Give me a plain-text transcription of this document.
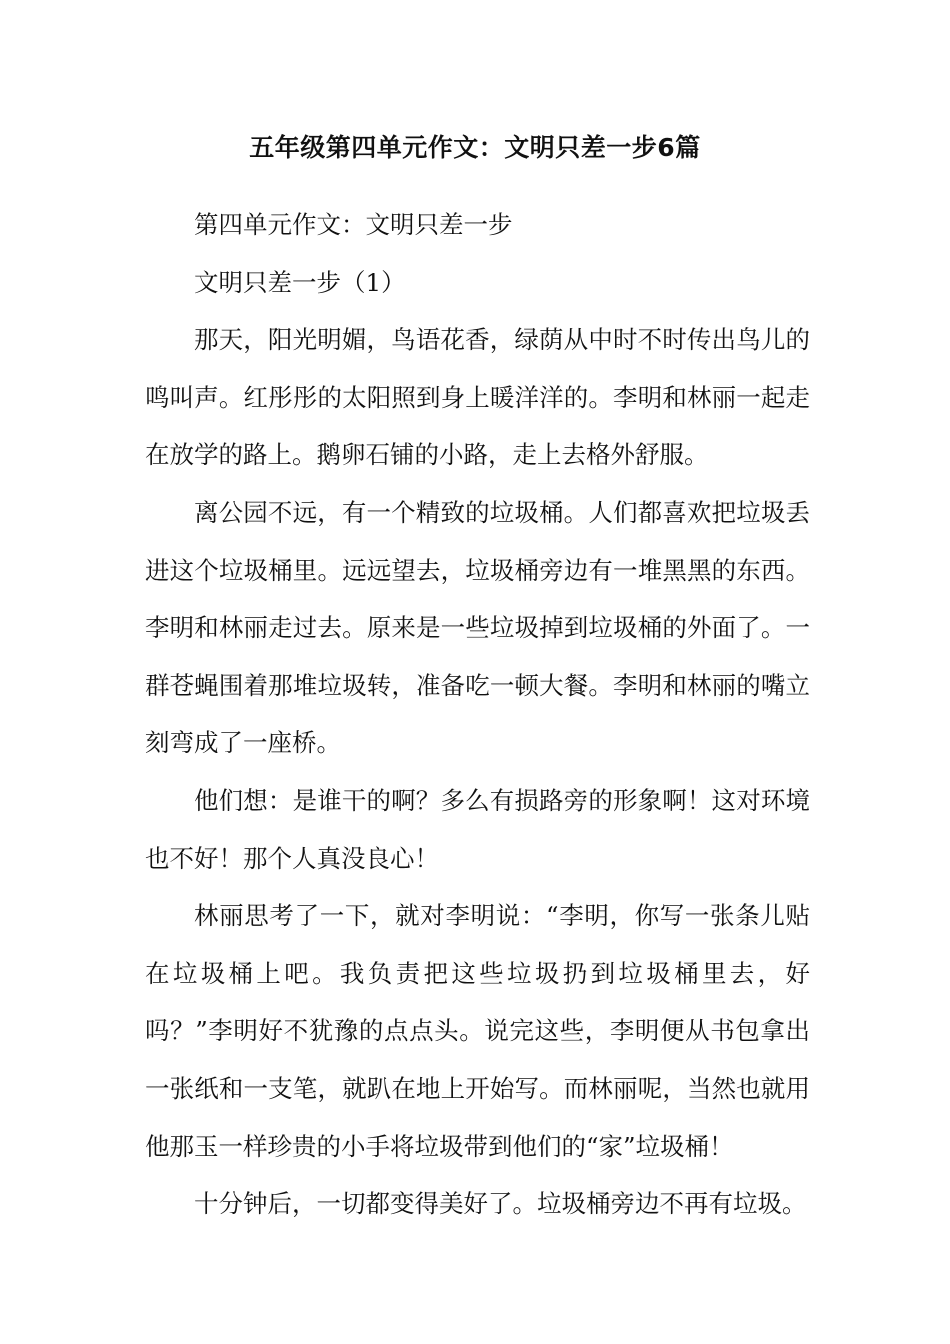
五年级第四单元作文：文明只差一步6篇

第四单元作文：文明只差一步

文明只差一步（1）

那天，阳光明媚，鸟语花香，绿荫从中时不时传出鸟儿的鸣叫声。红彤彤的太阳照到身上暖洋洋的。李明和林丽一起走在放学的路上。鹅卵石铺的小路，走上去格外舒服。

离公园不远，有一个精致的垃圾桶。人们都喜欢把垃圾丢进这个垃圾桶里。远远望去，垃圾桶旁边有一堆黑黑的东西。李明和林丽走过去。原来是一些垃圾掉到垃圾桶的外面了。一群苍蝇围着那堆垃圾转，准备吃一顿大餐。李明和林丽的嘴立刻弯成了一座桥。

他们想：是谁干的啊？多么有损路旁的形象啊！这对环境也不好！那个人真没良心！

林丽思考了一下，就对李明说：“李明，你写一张条儿贴在垃圾桶上吧。我负责把这些垃圾扔到垃圾桶里去，好吗？”李明好不犹豫的点点头。说完这些，李明便从书包拿出一张纸和一支笔，就趴在地上开始写。而林丽呢，当然也就用他那玉一样珍贵的小手将垃圾带到他们的“家”垃圾桶！

十分钟后，一切都变得美好了。垃圾桶旁边不再有垃圾。
